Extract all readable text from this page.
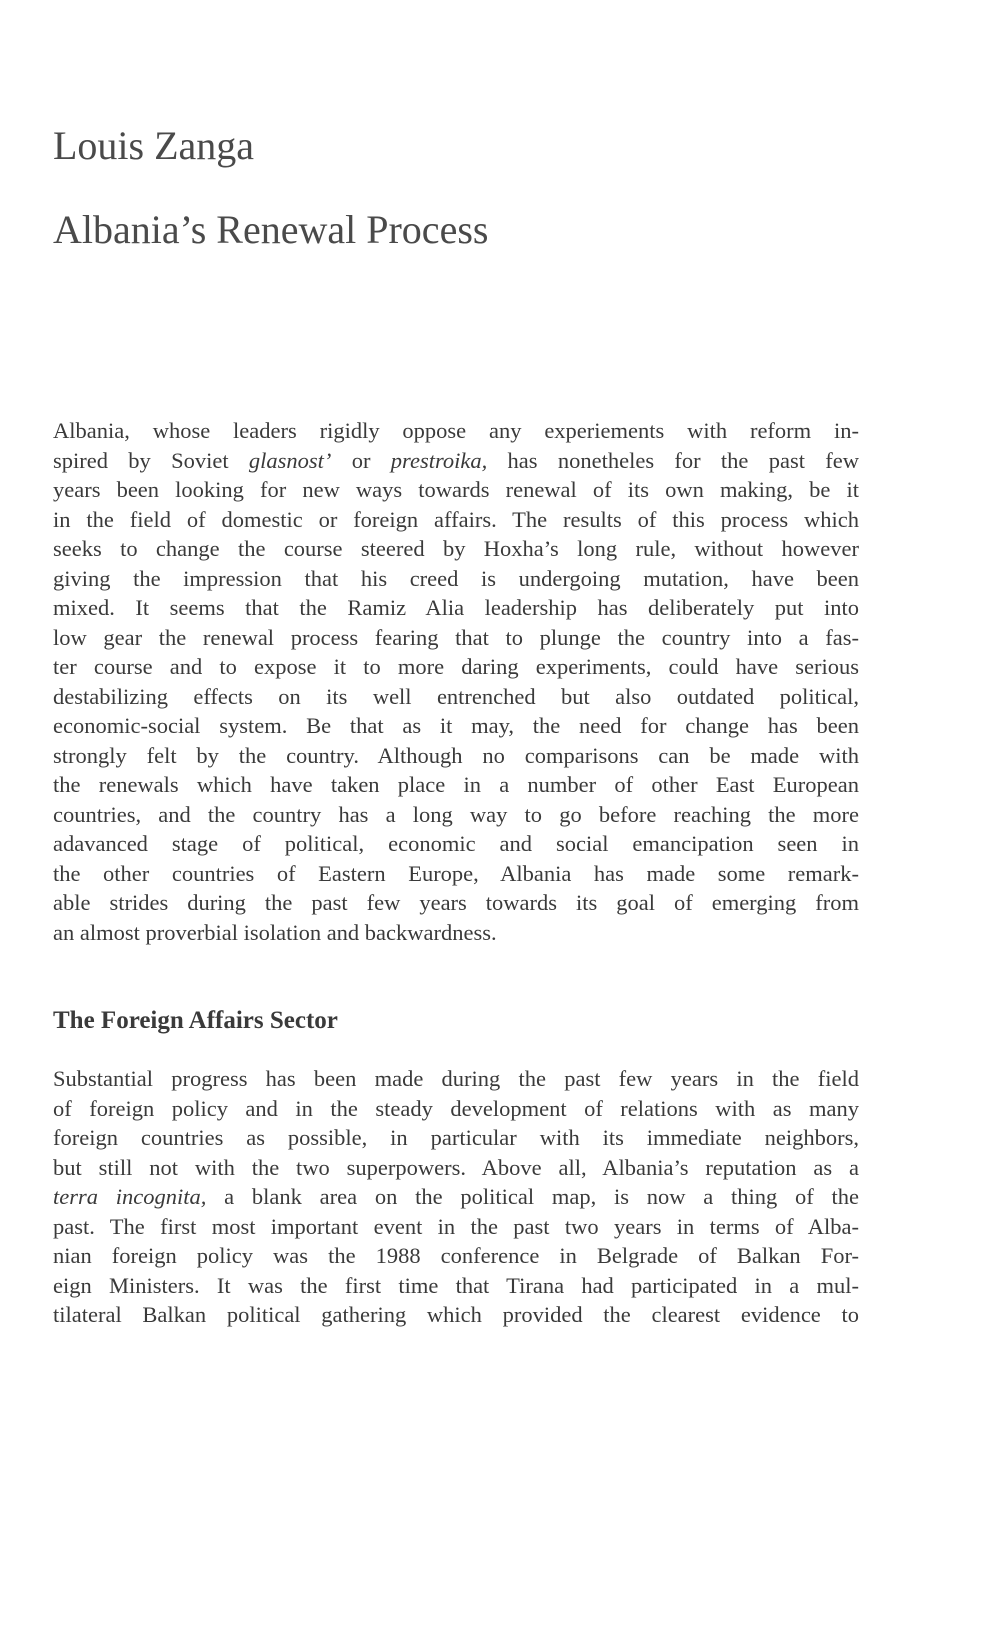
Louis Zanga
Albania’s Renewal Process
Albania, whose leaders rigidly oppose any experiements with reform in-
spired by Soviet glasnost’ or prestroika, has nonetheles for the past few
years been looking for new ways towards renewal of its own making, be it
in the field of domestic or foreign affairs. The results of this process which
seeks to change the course steered by Hoxha’s long rule, without however
giving the impression that his creed is undergoing mutation, have been
mixed. It seems that the Ramiz Alia leadership has deliberately put into
low gear the renewal process fearing that to plunge the country into a fas-
ter course and to expose it to more daring experiments, could have serious
destabilizing effects on its well entrenched but also outdated political,
economic-social system. Be that as it may, the need for change has been
strongly felt by the country. Although no comparisons can be made with
the renewals which have taken place in a number of other East European
countries, and the country has a long way to go before reaching the more
adavanced stage of political, economic and social emancipation seen in
the other countries of Eastern Europe, Albania has made some remark-
able strides during the past few years towards its goal of emerging from
an almost proverbial isolation and backwardness.
The Foreign Affairs Sector
Substantial progress has been made during the past few years in the field
of foreign policy and in the steady development of relations with as many
foreign countries as possible, in particular with its immediate neighbors,
but still not with the two superpowers. Above all, Albania’s reputation as a
terra incognita, a blank area on the political map, is now a thing of the
past. The first most important event in the past two years in terms of Alba-
nian foreign policy was the 1988 conference in Belgrade of Balkan For-
eign Ministers. It was the first time that Tirana had participated in a mul-
tilateral Balkan political gathering which provided the clearest evidence to
